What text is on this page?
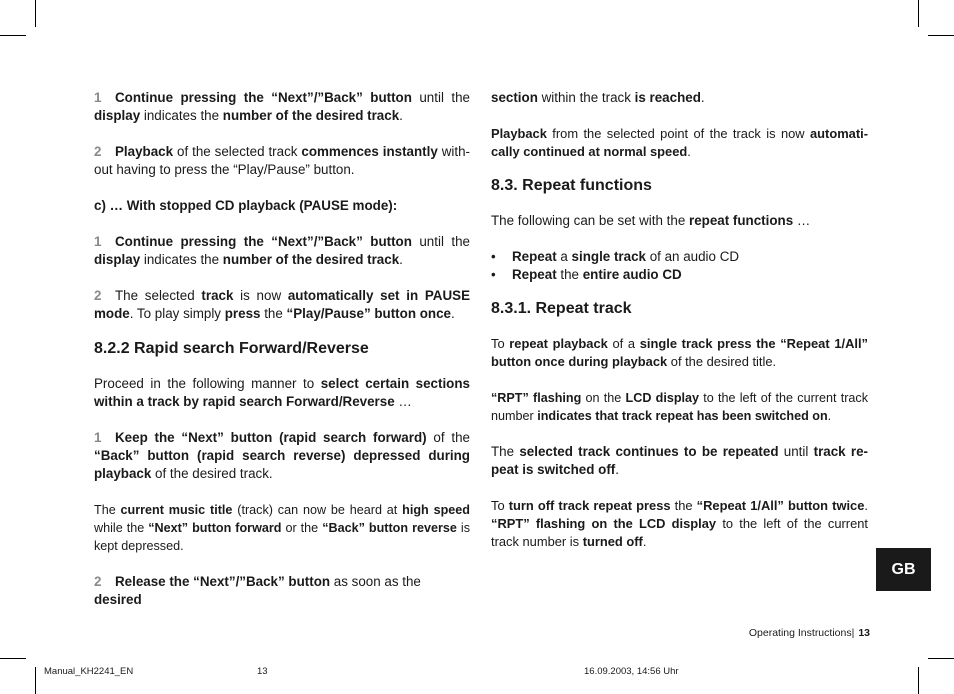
1 Continue pressing the “Next”/”Back” button until the display indicates the number of the desired track.

2 Playback of the selected track commences instantly with-out having to press the “Play/Pause” button.

c) … With stopped CD playback (PAUSE mode):

1 Continue pressing the “Next”/”Back” button until the display indicates the number of the desired track.

2 The selected track is now automatically set in PAUSE mode. To play simply press the “Play/Pause” button once.

8.2.2 Rapid search Forward/Reverse

Proceed in the following manner to select certain sections within a track by rapid search Forward/Reverse …

1 Keep the “Next” button (rapid search forward) of the “Back” button (rapid search reverse) depressed during playback of the desired track.

The current music title (track) can now be heard at high speed while the “Next” button forward or the “Back” button reverse is kept depressed.

2 Release the “Next”/”Back” button as soon as the desired

section within the track is reached.

Playback from the selected point of the track is now automati-cally continued at normal speed.

8.3. Repeat functions

The following can be set with the repeat functions …

• Repeat a single track of an audio CD

• Repeat the entire audio CD

8.3.1. Repeat track

To repeat playback of a single track press the “Repeat 1/All” button once during playback of the desired title.

“RPT” flashing on the LCD display to the left of the current track number indicates that track repeat has been switched on.

The selected track continues to be repeated until track re-peat is switched off.

To turn off track repeat press the “Repeat 1/All” button twice. “RPT” flashing on the LCD display to the left of the current track number is turned off.

GB
Operating Instructions| 13
Manual_KH2241_EN	13	16.09.2003, 14:56 Uhr
